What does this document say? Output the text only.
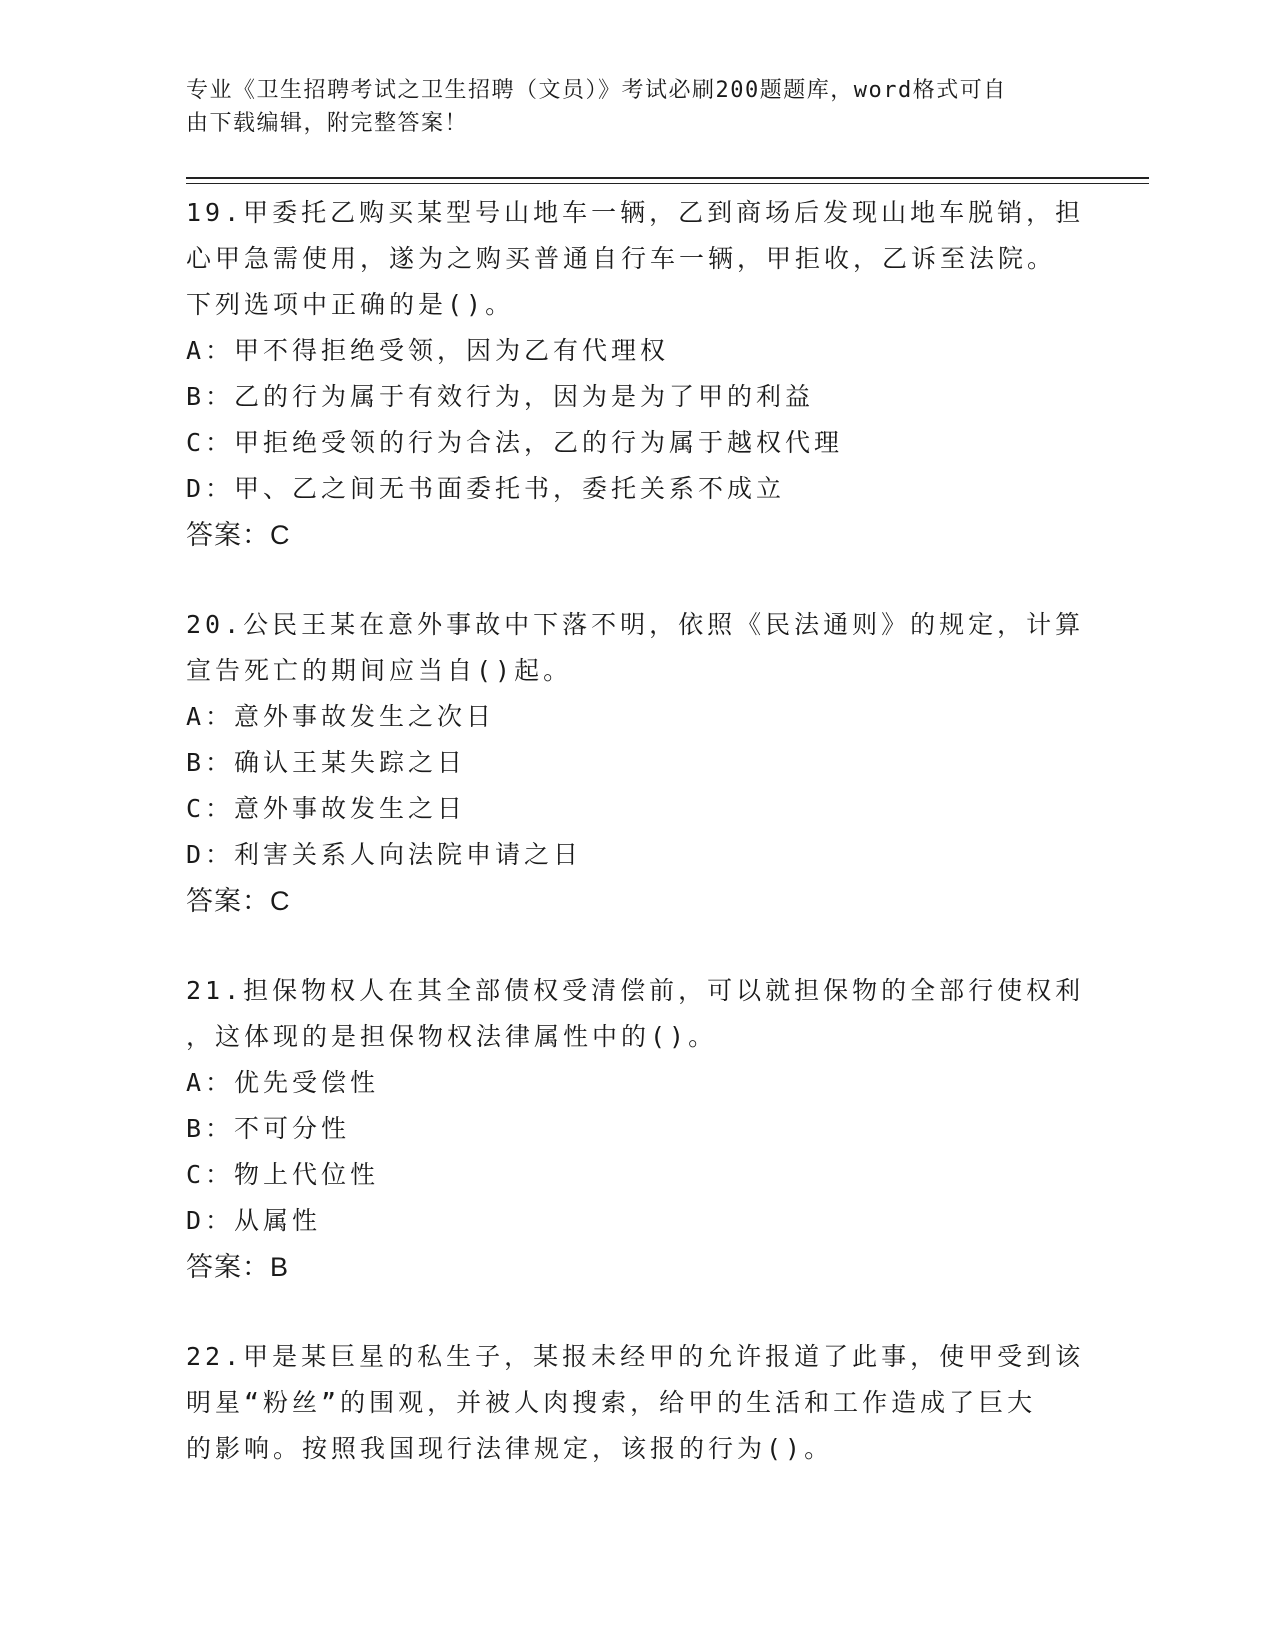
专业《卫生招聘考试之卫生招聘（文员）》考试必刷200题题库，word格式可自
由下载编辑，附完整答案！
19.甲委托乙购买某型号山地车一辆，乙到商场后发现山地车脱销，担
心甲急需使用，遂为之购买普通自行车一辆，甲拒收，乙诉至法院。
下列选项中正确的是()。
A：甲不得拒绝受领，因为乙有代理权
B：乙的行为属于有效行为，因为是为了甲的利益
C：甲拒绝受领的行为合法，乙的行为属于越权代理
D：甲、乙之间无书面委托书，委托关系不成立
答案：C
20.公民王某在意外事故中下落不明，依照《民法通则》的规定，计算
宣告死亡的期间应当自()起。
A：意外事故发生之次日
B：确认王某失踪之日
C：意外事故发生之日
D：利害关系人向法院申请之日
答案：C
21.担保物权人在其全部债权受清偿前，可以就担保物的全部行使权利
，这体现的是担保物权法律属性中的()。
A：优先受偿性
B：不可分性
C：物上代位性
D：从属性
答案：B
22.甲是某巨星的私生子，某报未经甲的允许报道了此事，使甲受到该
明星“粉丝”的围观，并被人肉搜索，给甲的生活和工作造成了巨大
的影响。按照我国现行法律规定，该报的行为()。
